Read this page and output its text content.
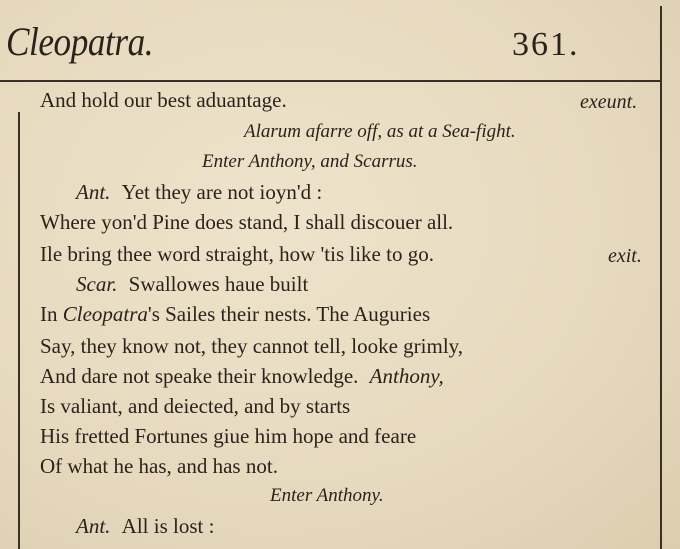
Cleopatra.	361.
And hold our best aduantage.	exeunt.
Alarum afarre off, as at a Sea-fight.
Enter Anthony, and Scarrus.
Ant. Yet they are not ioyn'd :
Where yon'd Pine does stand, I shall discouer all.
Ile bring thee word straight, how 'tis like to go.	exit.
Scar. Swallowes haue built
In Cleopatra's Sailes their nests. The Auguries
Say, they know not, they cannot tell, looke grimly,
And dare not speake their knowledge. Anthony,
Is valiant, and deiected, and by starts
His fretted Fortunes giue him hope and feare
Of what he has, and has not.
Enter Anthony.
Ant. All is lost :
